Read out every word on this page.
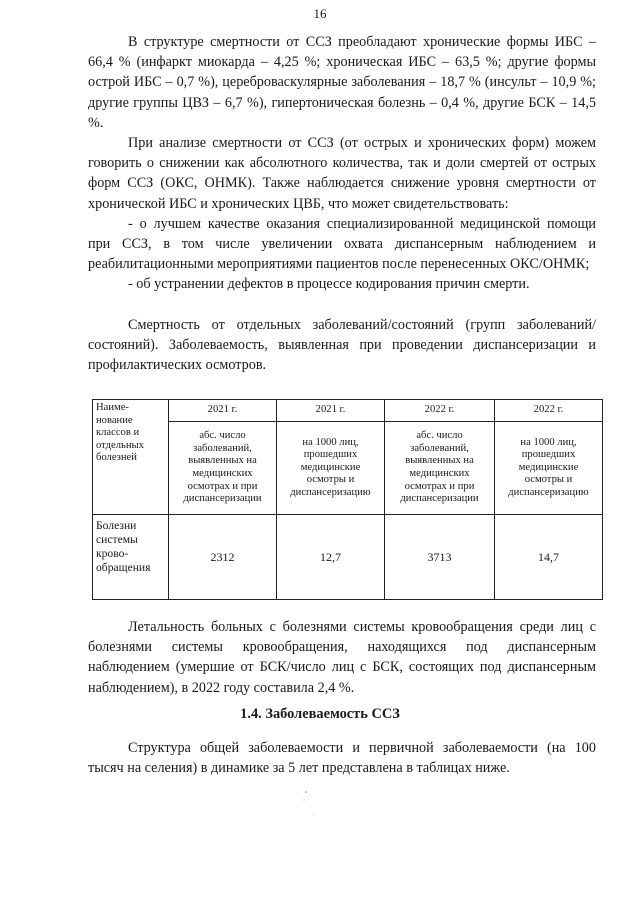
16

В структуре смертности от ССЗ преобладают хронические формы ИБС – 66,4 % (инфаркт миокарда – 4,25 %; хроническая ИБС – 63,5 %; другие формы острой ИБС – 0,7 %), цереброваскулярные заболевания – 18,7 % (инсульт – 10,9 %; другие группы ЦВЗ – 6,7 %), гипертоническая болезнь – 0,4 %, другие БСК – 14,5 %.

При анализе смертности от ССЗ (от острых и хронических форм) можем говорить о снижении как абсолютного количества, так и доли смертей от острых форм ССЗ (ОКС, ОНМК). Также наблюдается снижение уровня смертности от хронической ИБС и хронических ЦВБ, что может свидетельствовать:

- о лучшем качестве оказания специализированной медицинской помощи при ССЗ, в том числе увеличении охвата диспансерным наблюдением и реабилитационными мероприятиями пациентов после перенесенных ОКС/ОНМК;

- об устранении дефектов в процессе кодирования причин смерти.

Смертность от отдельных заболеваний/состояний (групп заболеваний/состояний). Заболеваемость, выявленная при проведении диспансеризации и профилактических осмотров.

Наиме-нование классов и отдельных болезней	2021 г.	2021 г.	2022 г.	2022 г.
	абс. число заболеваний, выявленных на медицинских осмотрах и при диспансеризации	на 1000 лиц, прошедших медицинские осмотры и диспансеризацию	абс. число заболеваний, выявленных на медицинских осмотрах и при диспансеризации	на 1000 лиц, прошедших медицинские осмотры и диспансеризацию
Болезни системы крово-обращения	2312	12,7	3713	14,7

Летальность больных с болезнями системы кровообращения среди лиц с болезнями системы кровообращения, находящихся под диспансерным наблюдением (умершие от БСК/число лиц с БСК, состоящих под диспансерным наблюдением), в 2022 году составила 2,4 %.

1.4. Заболеваемость ССЗ

Структура общей заболеваемости и первичной заболеваемости (на 100 тысяч на селения) в динамике за 5 лет представлена в таблицах ниже.
